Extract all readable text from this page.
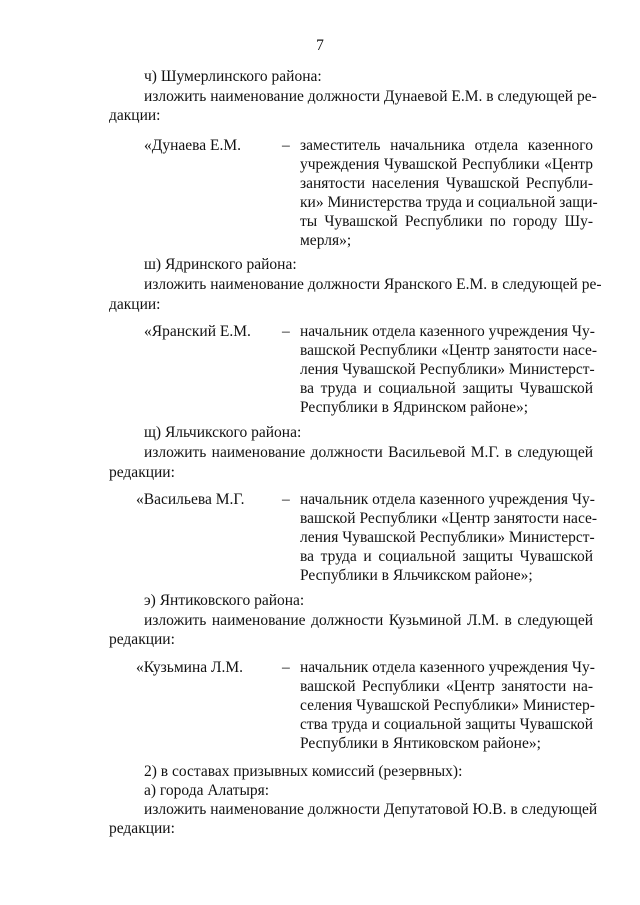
7
ч) Шумерлинского района:
изложить наименование должности Дунаевой Е.М. в следующей ре-
дакции:
«Дунаева Е.М.	– заместитель начальника отдела казенного
учреждения Чувашской Республики «Центр
занятости населения Чувашской Республи-
ки» Министерства труда и социальной защи-
ты Чувашской Республики по городу Шу-
мерля»;
ш) Ядринского района:
изложить наименование должности Яранского Е.М. в следующей ре-
дакции:
«Яранский Е.М. – начальник отдела казенного учреждения Чу-
вашской Республики «Центр занятости насе-
ления Чувашской Республики» Министерст-
ва труда и социальной защиты Чувашской
Республики в Ядринском районе»;
щ) Яльчикского района:
изложить наименование должности Васильевой М.Г. в следующей
редакции:
«Васильева М.Г. – начальник отдела казенного учреждения Чу-
вашской Республики «Центр занятости насе-
ления Чувашской Республики» Министерст-
ва труда и социальной защиты Чувашской
Республики в Яльчикском районе»;
э) Янтиковского района:
изложить наименование должности Кузьминой Л.М. в следующей
редакции:
«Кузьмина Л.М.	– начальник отдела казенного учреждения Чу-
вашской Республики «Центр занятости на-
селения Чувашской Республики» Министер-
ства труда и социальной защиты Чувашской
Республики в Янтиковском районе»;
2) в составах призывных комиссий (резервных):
а) города Алатыря:
изложить наименование должности Депутатовой Ю.В. в следующей
редакции:
